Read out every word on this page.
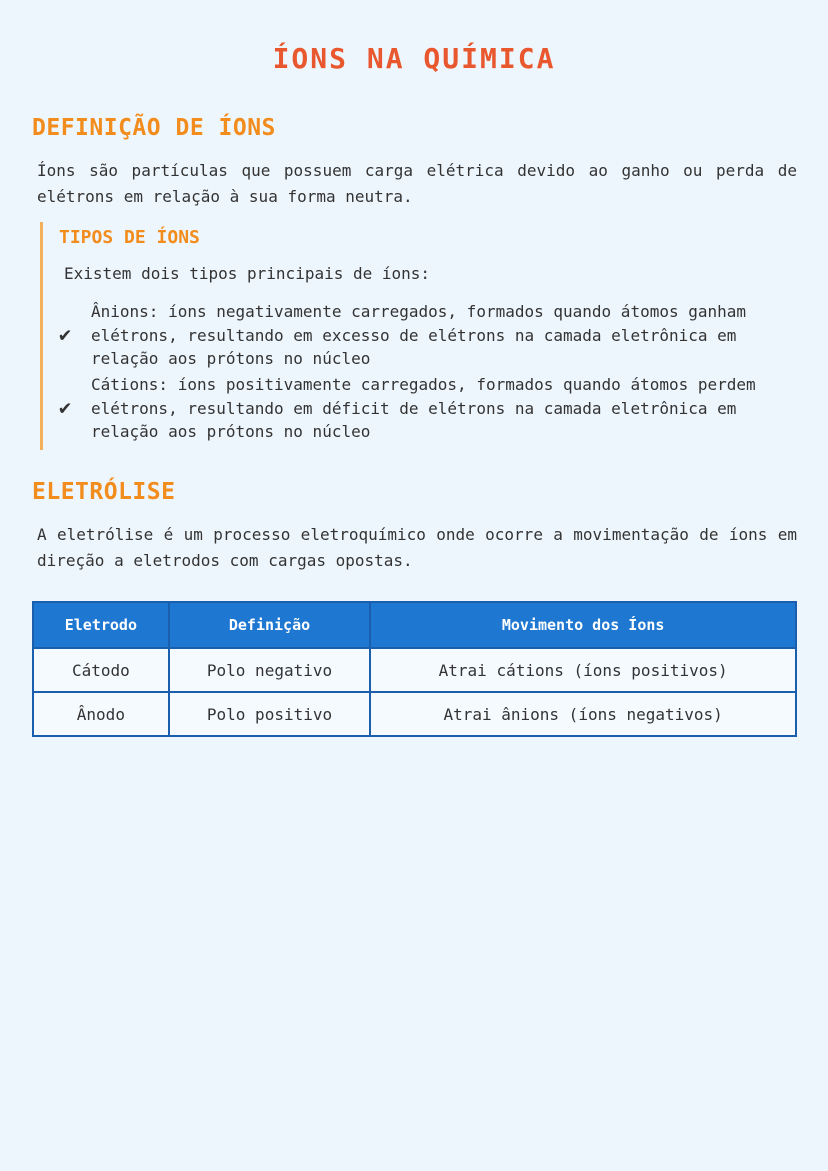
ÍONS NA QUÍMICA
DEFINIÇÃO DE ÍONS
Íons são partículas que possuem carga elétrica devido ao ganho ou perda de elétrons em relação à sua forma neutra.
TIPOS DE ÍONS
Existem dois tipos principais de íons:
✔
Ânions: íons negativamente carregados, formados quando átomos ganham elétrons, resultando em excesso de elétrons na camada eletrônica em relação aos prótons no núcleo
✔
Cátions: íons positivamente carregados, formados quando átomos perdem elétrons, resultando em déficit de elétrons na camada eletrônica em relação aos prótons no núcleo
ELETRÓLISE
A eletrólise é um processo eletroquímico onde ocorre a movimentação de íons em direção a eletrodos com cargas opostas.
Eletrodo	Definição	Movimento dos Íons
Cátodo	Polo negativo	Atrai cátions (íons positivos)
Ânodo	Polo positivo	Atrai ânions (íons negativos)
